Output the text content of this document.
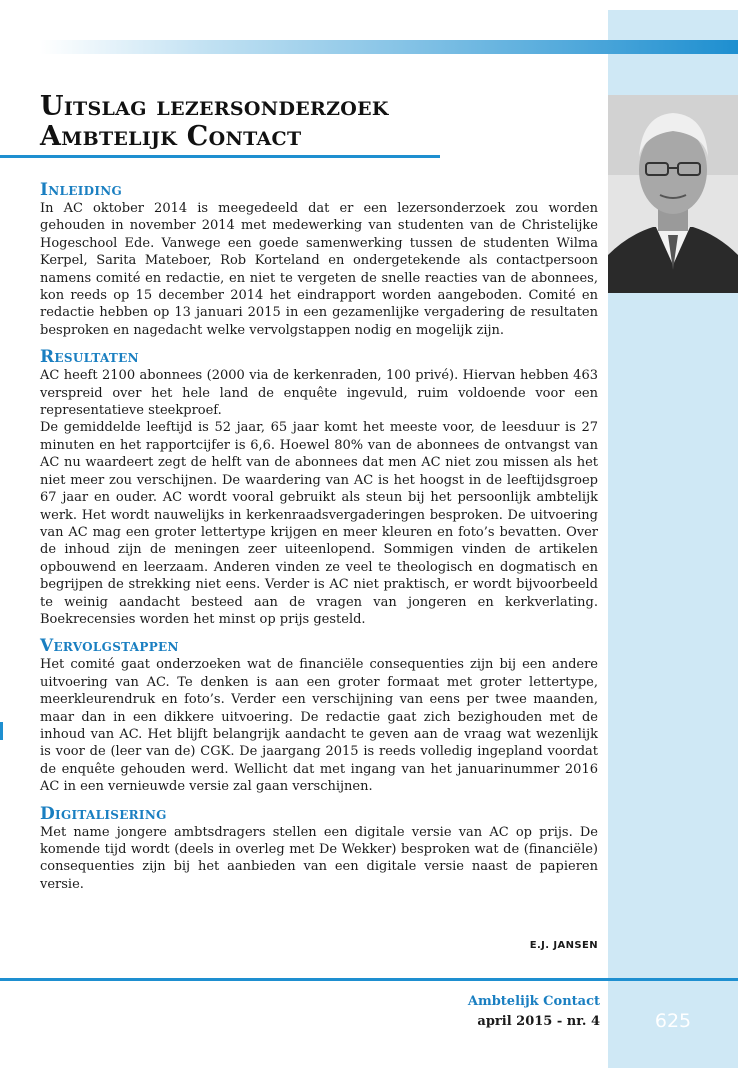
Uitslag lezersonderzoek
Ambtelijk Contact
Inleiding

In AC oktober 2014 is meegedeeld dat er een lezersonderzoek zou worden gehouden in november 2014 met medewerking van studenten van de Christelijke Hogeschool Ede. Vanwege een goede samenwerking tussen de studenten Wilma Kerpel, Sarita Mateboer, Rob Korteland en ondergetekende als contactpersoon namens comité en redactie, en niet te vergeten de snelle reacties van de abonnees, kon reeds op 15 december 2014 het eindrapport worden aangeboden. Comité en redactie hebben op 13 januari 2015 in een gezamenlijke vergadering de resultaten besproken en nagedacht welke vervolgstappen nodig en mogelijk zijn.

Resultaten

AC heeft 2100 abonnees (2000 via de kerkenraden, 100 privé). Hiervan hebben 463 verspreid over het hele land de enquête ingevuld, ruim voldoende voor een representatieve steekproef.

De gemiddelde leeftijd is 52 jaar, 65 jaar komt het meeste voor, de leesduur is 27 minuten en het rapportcijfer is 6,6. Hoewel 80% van de abonnees de ontvangst van AC nu waardeert zegt de helft van de abonnees dat men AC niet zou missen als het niet meer zou verschijnen. De waardering van AC is het hoogst in de leeftijdsgroep 67 jaar en ouder. AC wordt vooral gebruikt als steun bij het persoonlijk ambtelijk werk. Het wordt nauwelijks in kerkenraadsvergaderingen besproken. De uitvoering van AC mag een groter lettertype krijgen en meer kleuren en foto’s bevatten. Over de inhoud zijn de meningen zeer uiteenlopend. Sommigen vinden de artikelen opbouwend en leerzaam. Anderen vinden ze veel te theologisch en dogmatisch en begrijpen de strekking niet eens. Verder is AC niet praktisch, er wordt bijvoorbeeld te weinig aandacht besteed aan de vragen van jongeren en kerkverlating. Boekrecensies worden het minst op prijs gesteld.

Vervolgstappen

Het comité gaat onderzoeken wat de financiële consequenties zijn bij een andere uitvoering van AC. Te denken is aan een groter formaat met groter lettertype, meerkleurendruk en foto’s. Verder een verschijning van eens per twee maanden, maar dan in een dikkere uitvoering. De redactie gaat zich bezighouden met de inhoud van AC. Het blijft belangrijk aandacht te geven aan de vraag wat wezenlijk is voor de (leer van de) CGK. De jaargang 2015 is reeds volledig ingepland voordat de enquête gehouden werd. Wellicht dat met ingang van het januarinummer 2016 AC in een vernieuwde versie zal gaan verschijnen.

Digitalisering

Met name jongere ambtsdragers stellen een digitale versie van AC op prijs. De komende tijd wordt (deels in overleg met De Wekker) besproken wat de (financiële) consequenties zijn bij het aanbieden van een digitale versie naast de papieren versie.

E.J. JANSEN
Ambtelijk Contact
april 2015 - nr. 4	625
